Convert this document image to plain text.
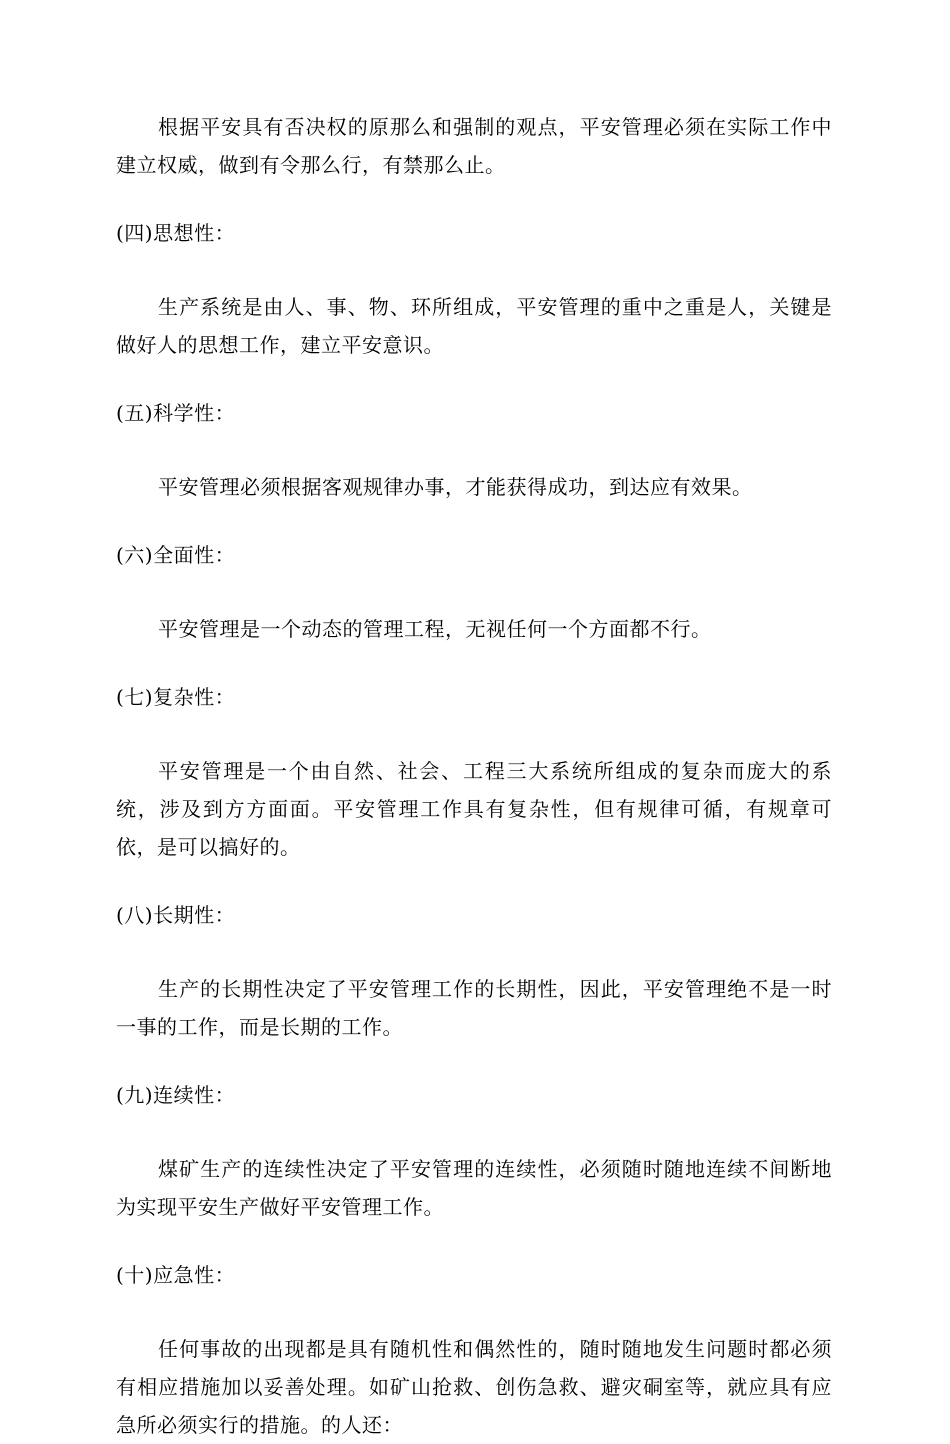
根据平安具有否决权的原那么和强制的观点，平安管理必须在实际工作中建立权威，做到有令那么行，有禁那么止。

(四)思想性：

生产系统是由人、事、物、环所组成，平安管理的重中之重是人，关键是做好人的思想工作，建立平安意识。

(五)科学性：

平安管理必须根据客观规律办事，才能获得成功，到达应有效果。

(六)全面性：

平安管理是一个动态的管理工程，无视任何一个方面都不行。

(七)复杂性：

平安管理是一个由自然、社会、工程三大系统所组成的复杂而庞大的系统，涉及到方方面面。平安管理工作具有复杂性，但有规律可循，有规章可依，是可以搞好的。

(八)长期性：

生产的长期性决定了平安管理工作的长期性，因此，平安管理绝不是一时一事的工作，而是长期的工作。

(九)连续性：

煤矿生产的连续性决定了平安管理的连续性，必须随时随地连续不间断地为实现平安生产做好平安管理工作。

(十)应急性：

任何事故的出现都是具有随机性和偶然性的，随时随地发生问题时都必须有相应措施加以妥善处理。如矿山抢救、创伤急救、避灾硐室等，就应具有应急所必须实行的措施。的人还：
